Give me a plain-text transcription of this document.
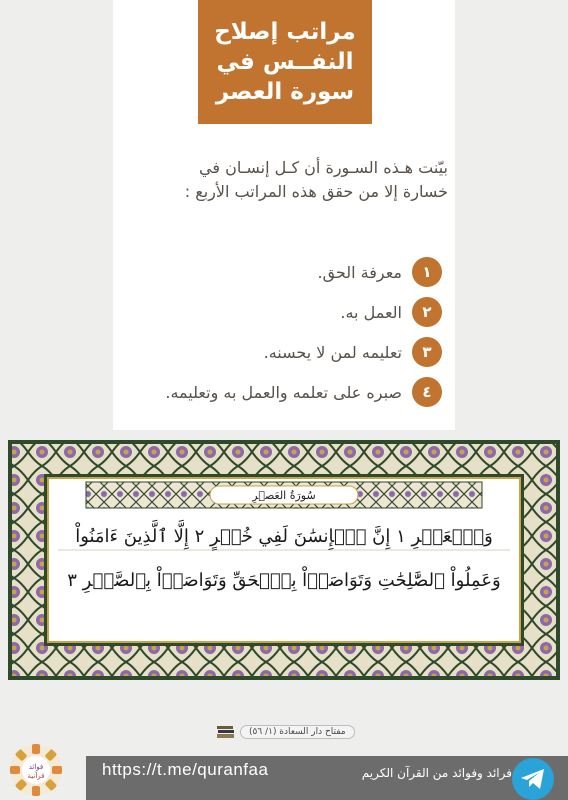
مراتب إصلاح
النفــس في
سورة العصر
بيّنت هـذه السـورة أن كـل إنسـان في
خسارة إلا من حقق هذه المراتب الأربع :
١
معرفة الحق.
٢
العمل به.
٣
تعليمه لمن لا يحسنه.
٤
صبره على تعلمه والعمل به وتعليمه.
سُورَةُ العَصۡرِ
وَٱلۡعَصۡرِ ١ إِنَّ ٱلۡإِنسَٰنَ لَفِي خُسۡرٍ ٢ إِلَّا ٱلَّذِينَ ءَامَنُواْ
وَعَمِلُواْ ٱلصَّٰلِحَٰتِ وَتَوَاصَوۡاْ بِٱلۡحَقِّ وَتَوَاصَوۡاْ بِٱلصَّبۡرِ ٣
مفتاح دار السعادة (١/ ٥٦)
https://t.me/quranfaa	فرائد وفوائد من القرآن الكريم
فوائد
قرآنية
